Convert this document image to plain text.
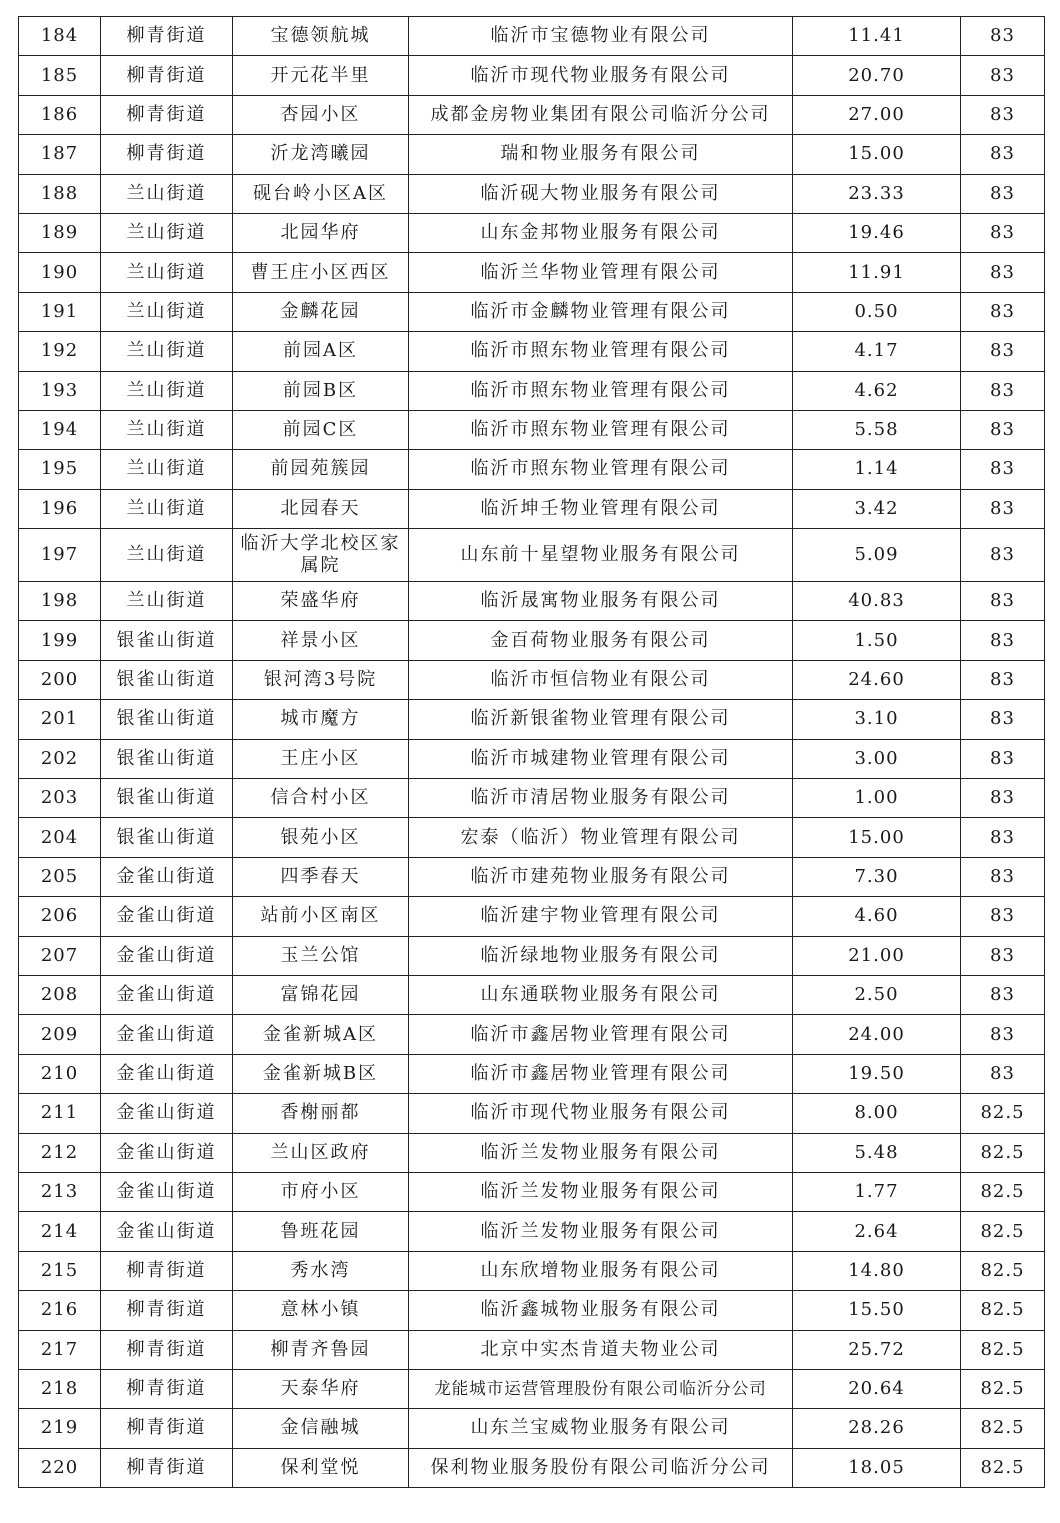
184	柳青街道	宝德领航城	临沂市宝德物业有限公司	11.41	83
185	柳青街道	开元花半里	临沂市现代物业服务有限公司	20.70	83
186	柳青街道	杏园小区	成都金房物业集团有限公司临沂分公司	27.00	83
187	柳青街道	沂龙湾曦园	瑞和物业服务有限公司	15.00	83
188	兰山街道	砚台岭小区A区	临沂砚大物业服务有限公司	23.33	83
189	兰山街道	北园华府	山东金邦物业服务有限公司	19.46	83
190	兰山街道	曹王庄小区西区	临沂兰华物业管理有限公司	11.91	83
191	兰山街道	金麟花园	临沂市金麟物业管理有限公司	0.50	83
192	兰山街道	前园A区	临沂市照东物业管理有限公司	4.17	83
193	兰山街道	前园B区	临沂市照东物业管理有限公司	4.62	83
194	兰山街道	前园C区	临沂市照东物业管理有限公司	5.58	83
195	兰山街道	前园苑簇园	临沂市照东物业管理有限公司	1.14	83
196	兰山街道	北园春天	临沂坤壬物业管理有限公司	3.42	83
197	兰山街道	临沂大学北校区家属院	山东前十星望物业服务有限公司	5.09	83
198	兰山街道	荣盛华府	临沂晟寓物业服务有限公司	40.83	83
199	银雀山街道	祥景小区	金百荷物业服务有限公司	1.50	83
200	银雀山街道	银河湾3号院	临沂市恒信物业有限公司	24.60	83
201	银雀山街道	城市魔方	临沂新银雀物业管理有限公司	3.10	83
202	银雀山街道	王庄小区	临沂市城建物业管理有限公司	3.00	83
203	银雀山街道	信合村小区	临沂市清居物业服务有限公司	1.00	83
204	银雀山街道	银苑小区	宏泰（临沂）物业管理有限公司	15.00	83
205	金雀山街道	四季春天	临沂市建苑物业服务有限公司	7.30	83
206	金雀山街道	站前小区南区	临沂建宇物业管理有限公司	4.60	83
207	金雀山街道	玉兰公馆	临沂绿地物业服务有限公司	21.00	83
208	金雀山街道	富锦花园	山东通联物业服务有限公司	2.50	83
209	金雀山街道	金雀新城A区	临沂市鑫居物业管理有限公司	24.00	83
210	金雀山街道	金雀新城B区	临沂市鑫居物业管理有限公司	19.50	83
211	金雀山街道	香榭丽都	临沂市现代物业服务有限公司	8.00	82.5
212	金雀山街道	兰山区政府	临沂兰发物业服务有限公司	5.48	82.5
213	金雀山街道	市府小区	临沂兰发物业服务有限公司	1.77	82.5
214	金雀山街道	鲁班花园	临沂兰发物业服务有限公司	2.64	82.5
215	柳青街道	秀水湾	山东欣增物业服务有限公司	14.80	82.5
216	柳青街道	意林小镇	临沂鑫城物业服务有限公司	15.50	82.5
217	柳青街道	柳青齐鲁园	北京中实杰肯道夫物业公司	25.72	82.5
218	柳青街道	天泰华府	龙能城市运营管理股份有限公司临沂分公司	20.64	82.5
219	柳青街道	金信融城	山东兰宝威物业服务有限公司	28.26	82.5
220	柳青街道	保利堂悦	保利物业服务股份有限公司临沂分公司	18.05	82.5
